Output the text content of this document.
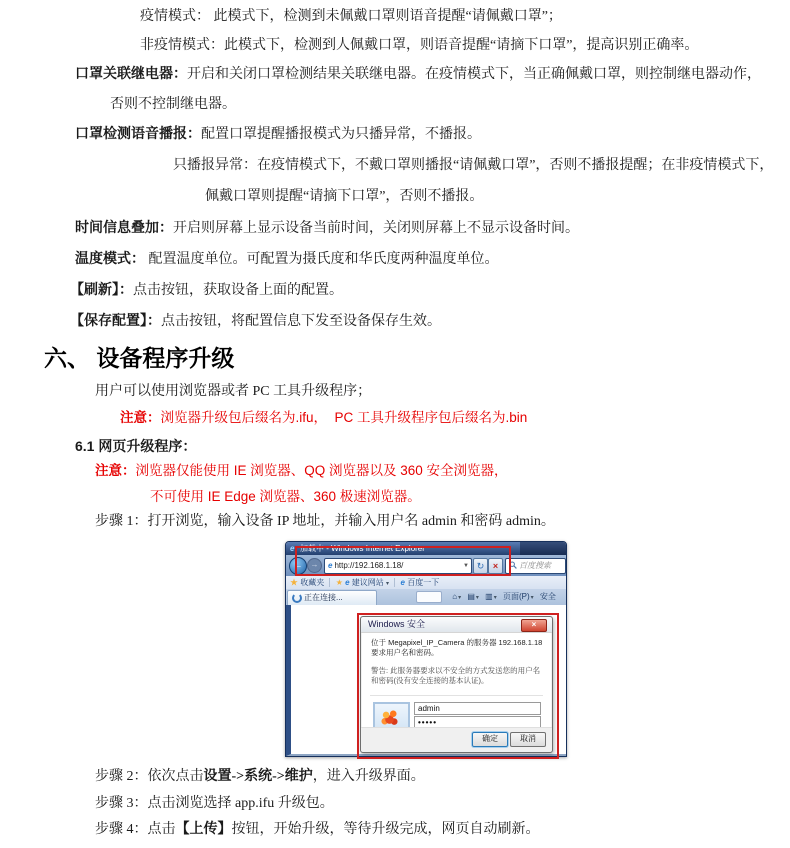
疫情模式： 此模式下，检测到未佩戴口罩则语音提醒“请佩戴口罩”；
非疫情模式：此模式下，检测到人佩戴口罩，则语音提醒“请摘下口罩”，提高识别正确率。
口罩关联继电器：开启和关闭口罩检测结果关联继电器。在疫情模式下，当正确佩戴口罩，则控制继电器动作，
否则不控制继电器。
口罩检测语音播报：配置口罩提醒播报模式为只播异常，不播报。
只播报异常：在疫情模式下，不戴口罩则播报“请佩戴口罩”，否则不播报提醒；在非疫情模式下，
佩戴口罩则提醒“请摘下口罩”，否则不播报。
时间信息叠加：开启则屏幕上显示设备当前时间，关闭则屏幕上不显示设备时间。
温度模式： 配置温度单位。可配置为摄氏度和华氏度两种温度单位。
【刷新】：点击按钮，获取设备上面的配置。
【保存配置】：点击按钮，将配置信息下发至设备保存生效。
六、 设备程序升级
用户可以使用浏览器或者 PC 工具升级程序；
注意：浏览器升级包后缀名为.ifu，  PC 工具升级程序包后缀名为.bin
6.1 网页升级程序：
注意：浏览器仅能使用 IE 浏览器、QQ 浏览器以及 360 安全浏览器，
不可使用 IE Edge 浏览器、360 极速浏览器。
步骤 1：打开浏览，输入设备 IP 地址，并输入用户名 admin 和密码 admin。
e 加载中 - Windows Internet Explorer
←	→	e http://192.168.1.18/	▼ ↻ ×	百度搜索
★ 收藏夹 ★ e 建议网站 ▾ e 百度一下
正在连接...	⌂▾ ▤▾ ▥▾ 页面(P)▾ 安全
Windows 安全	×
位于 Megapixel_IP_Camera 的服务器 192.168.1.18 要求用户名和密码。
警告: 此服务器要求以不安全的方式发送您的用户名和密码(没有安全连接的基本认证)。
admin
•••••
确定	取消
步骤 2：依次点击设置->系统->维护，进入升级界面。
步骤 3：点击浏览选择 app.ifu 升级包。
步骤 4：点击【上传】按钮，开始升级，等待升级完成，网页自动刷新。
